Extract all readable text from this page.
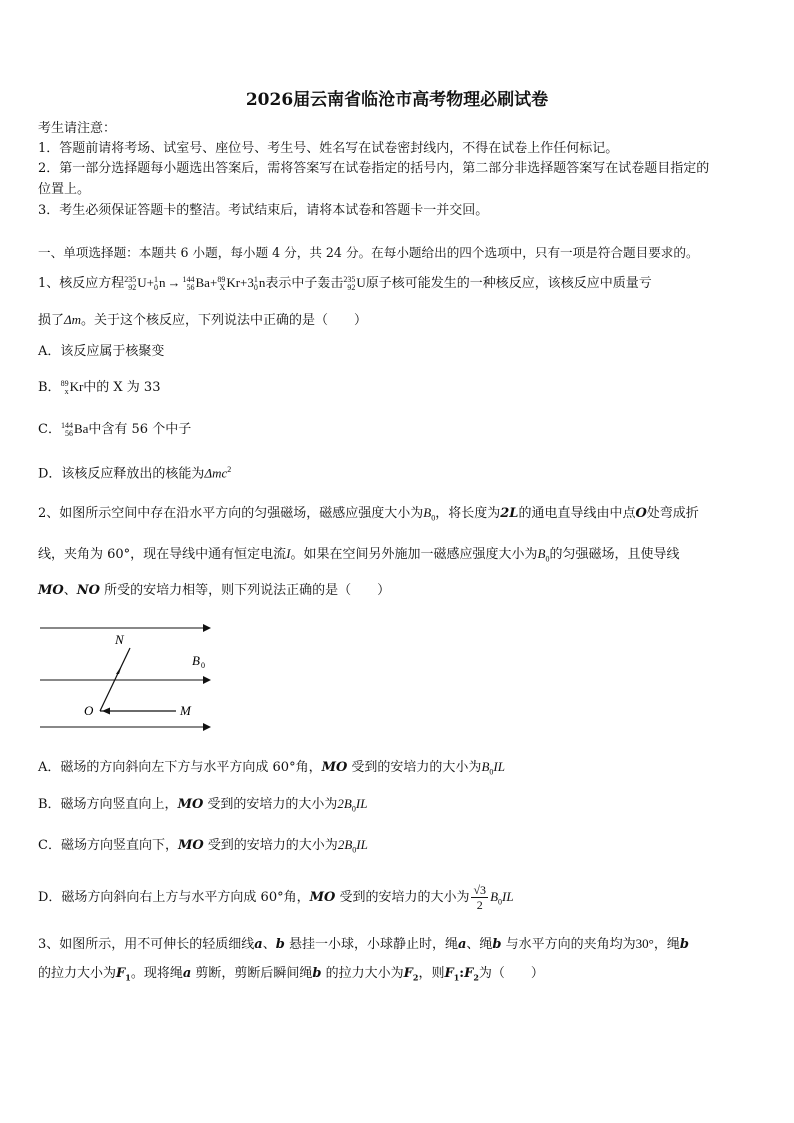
2026届云南省临沧市高考物理必刷试卷
考生请注意：
1．答题前请将考场、试室号、座位号、考生号、姓名写在试卷密封线内，不得在试卷上作任何标记。
2．第一部分选择题每小题选出答案后，需将答案写在试卷指定的括号内，第二部分非选择题答案写在试卷题目指定的
位置上。
3．考生必须保证答题卡的整洁。考试结束后，请将本试卷和答题卡一并交回。
一、单项选择题：本题共 6 小题，每小题 4 分，共 24 分。在每小题给出的四个选项中，只有一项是符合题目要求的。
1、核反应方程 235
92 U+ 1
0 n → 144
56 Ba+ 89
X Kr+3 1
0 n表示中子轰击 235
92 U原子核可能发生的一种核反应，该核反应中质量亏
损了Δm。关于这个核反应，下列说法中正确的是（　　）
A．该反应属于核聚变
B． 89
x Kr中的 X 为 33
C． 144
56 Ba中含有 56 个中子
D．该核反应释放出的核能为Δmc$^2$
2、如图所示空间中存在沿水平方向的匀强磁场，磁感应强度大小为$B_0$，将长度为2L的通电直导线由中点O处弯成折
线，夹角为 60°，现在导线中通有恒定电流I。如果在空间另外施加一磁感应强度大小为$B_0$的匀强磁场，且使导线
MO、NO 所受的安培力相等，则下列说法正确的是（　　）
N
O	M
B 0
A．磁场的方向斜向左下方与水平方向成 60°角，MO 受到的安培力的大小为$B_0IL$
B．磁场方向竖直向上，MO 受到的安培力的大小为$2B_0IL$
C．磁场方向竖直向下，MO 受到的安培力的大小为$2B_0IL$
D．磁场方向斜向右上方与水平方向成 60°角，MO 受到的安培力的大小为 $\frac{√3}{2} B_0IL$
3、如图所示，用不可伸长的轻质细线a、b 悬挂一小球，小球静止时，绳a、绳b 与水平方向的夹角均为30°，绳b
的拉力大小为$F_1$。现将绳a 剪断，剪断后瞬间绳b 的拉力大小为$F_2$，则$F_1:F_2$为（　　）
